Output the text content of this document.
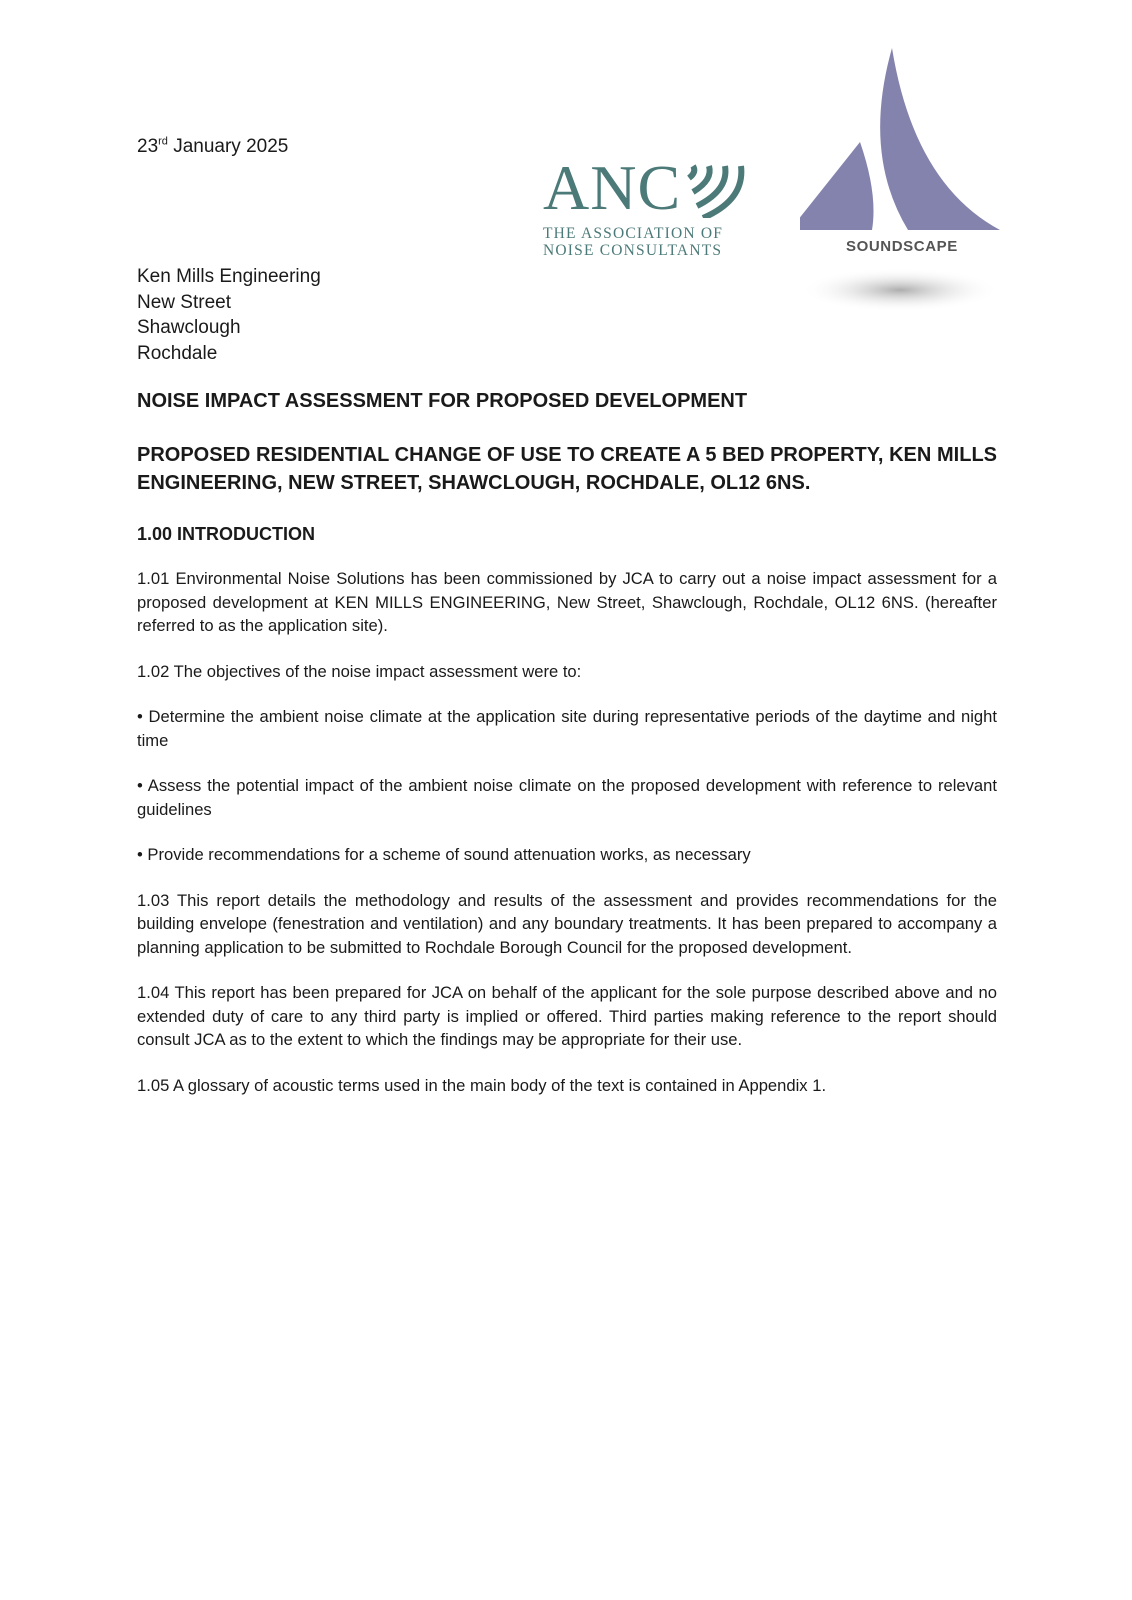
23rd January 2025
ANC
THE ASSOCIATION OF
NOISE CONSULTANTS	SOUNDSCAPE
Ken Mills Engineering
New Street
Shawclough
Rochdale
NOISE IMPACT ASSESSMENT FOR PROPOSED DEVELOPMENT
PROPOSED RESIDENTIAL CHANGE OF USE TO CREATE A 5 BED PROPERTY, KEN MILLS ENGINEERING, NEW STREET, SHAWCLOUGH, ROCHDALE, OL12 6NS.
1.00 INTRODUCTION

1.01 Environmental Noise Solutions has been commissioned by JCA to carry out a noise impact assessment for a proposed development at KEN MILLS ENGINEERING, New Street, Shawclough, Rochdale, OL12 6NS. (hereafter referred to as the application site).

1.02 The objectives of the noise impact assessment were to:

• Determine the ambient noise climate at the application site during representative periods of the daytime and night time

• Assess the potential impact of the ambient noise climate on the proposed development with reference to relevant guidelines

• Provide recommendations for a scheme of sound attenuation works, as necessary

1.03 This report details the methodology and results of the assessment and provides recommendations for the building envelope (fenestration and ventilation) and any boundary treatments. It has been prepared to accompany a planning application to be submitted to Rochdale Borough Council for the proposed development.

1.04 This report has been prepared for JCA on behalf of the applicant for the sole purpose described above and no extended duty of care to any third party is implied or offered. Third parties making reference to the report should consult JCA as to the extent to which the findings may be appropriate for their use.

1.05 A glossary of acoustic terms used in the main body of the text is contained in Appendix 1.
